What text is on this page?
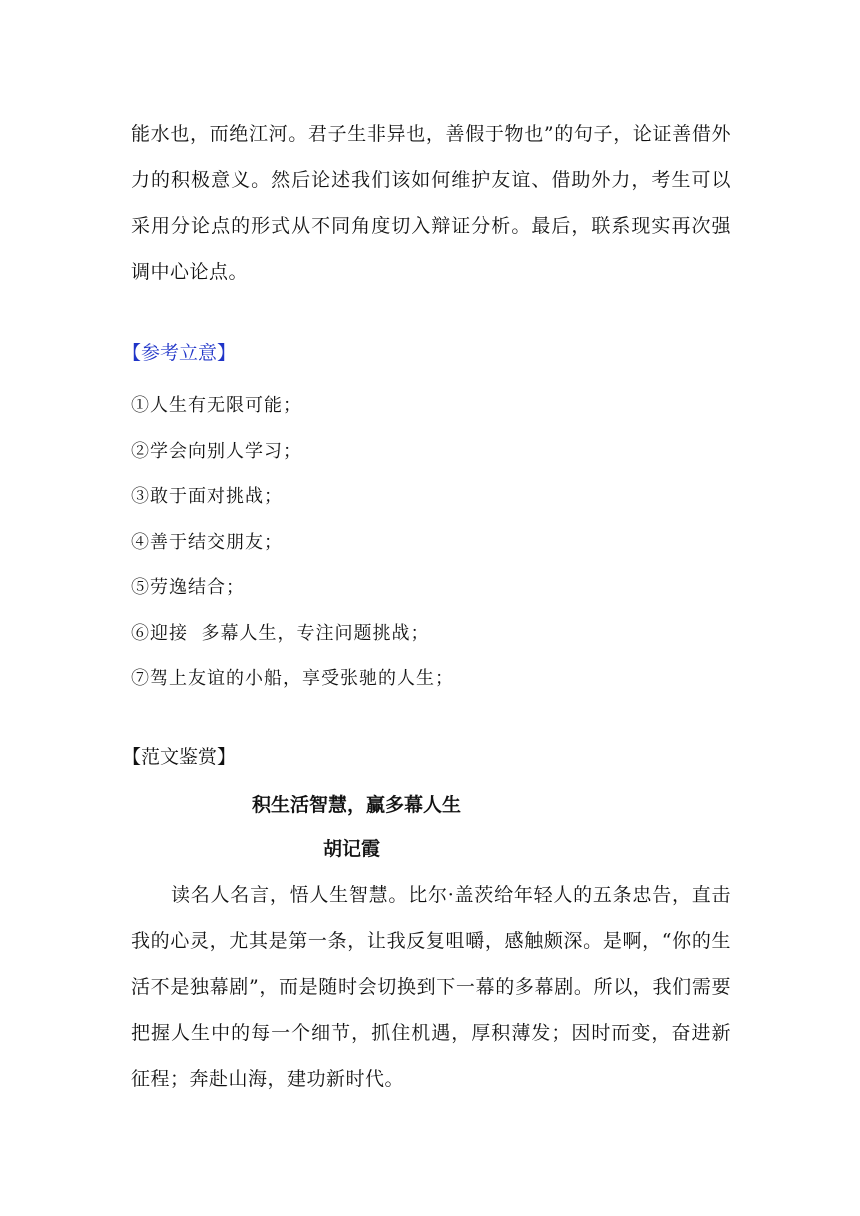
能水也，而绝江河。君子生非异也，善假于物也”的句子，论证善借外力的积极意义。然后论述我们该如何维护友谊、借助外力，考生可以采用分论点的形式从不同角度切入辩证分析。最后，联系现实再次强调中心论点。

【参考立意】
①人生有无限可能；
②学会向别人学习；
③敢于面对挑战；
④善于结交朋友；
⑤劳逸结合；
⑥迎接  多幕人生，专注问题挑战；
⑦驾上友谊的小船，享受张驰的人生；
【范文鉴赏】
积生活智慧，赢多幕人生

胡记霞

读名人名言，悟人生智慧。比尔·盖茨给年轻人的五条忠告，直击我的心灵，尤其是第一条，让我反复咀嚼，感触颇深。是啊，“你的生活不是独幕剧”，而是随时会切换到下一幕的多幕剧。所以，我们需要把握人生中的每一个细节，抓住机遇，厚积薄发；因时而变，奋进新征程；奔赴山海，建功新时代。
